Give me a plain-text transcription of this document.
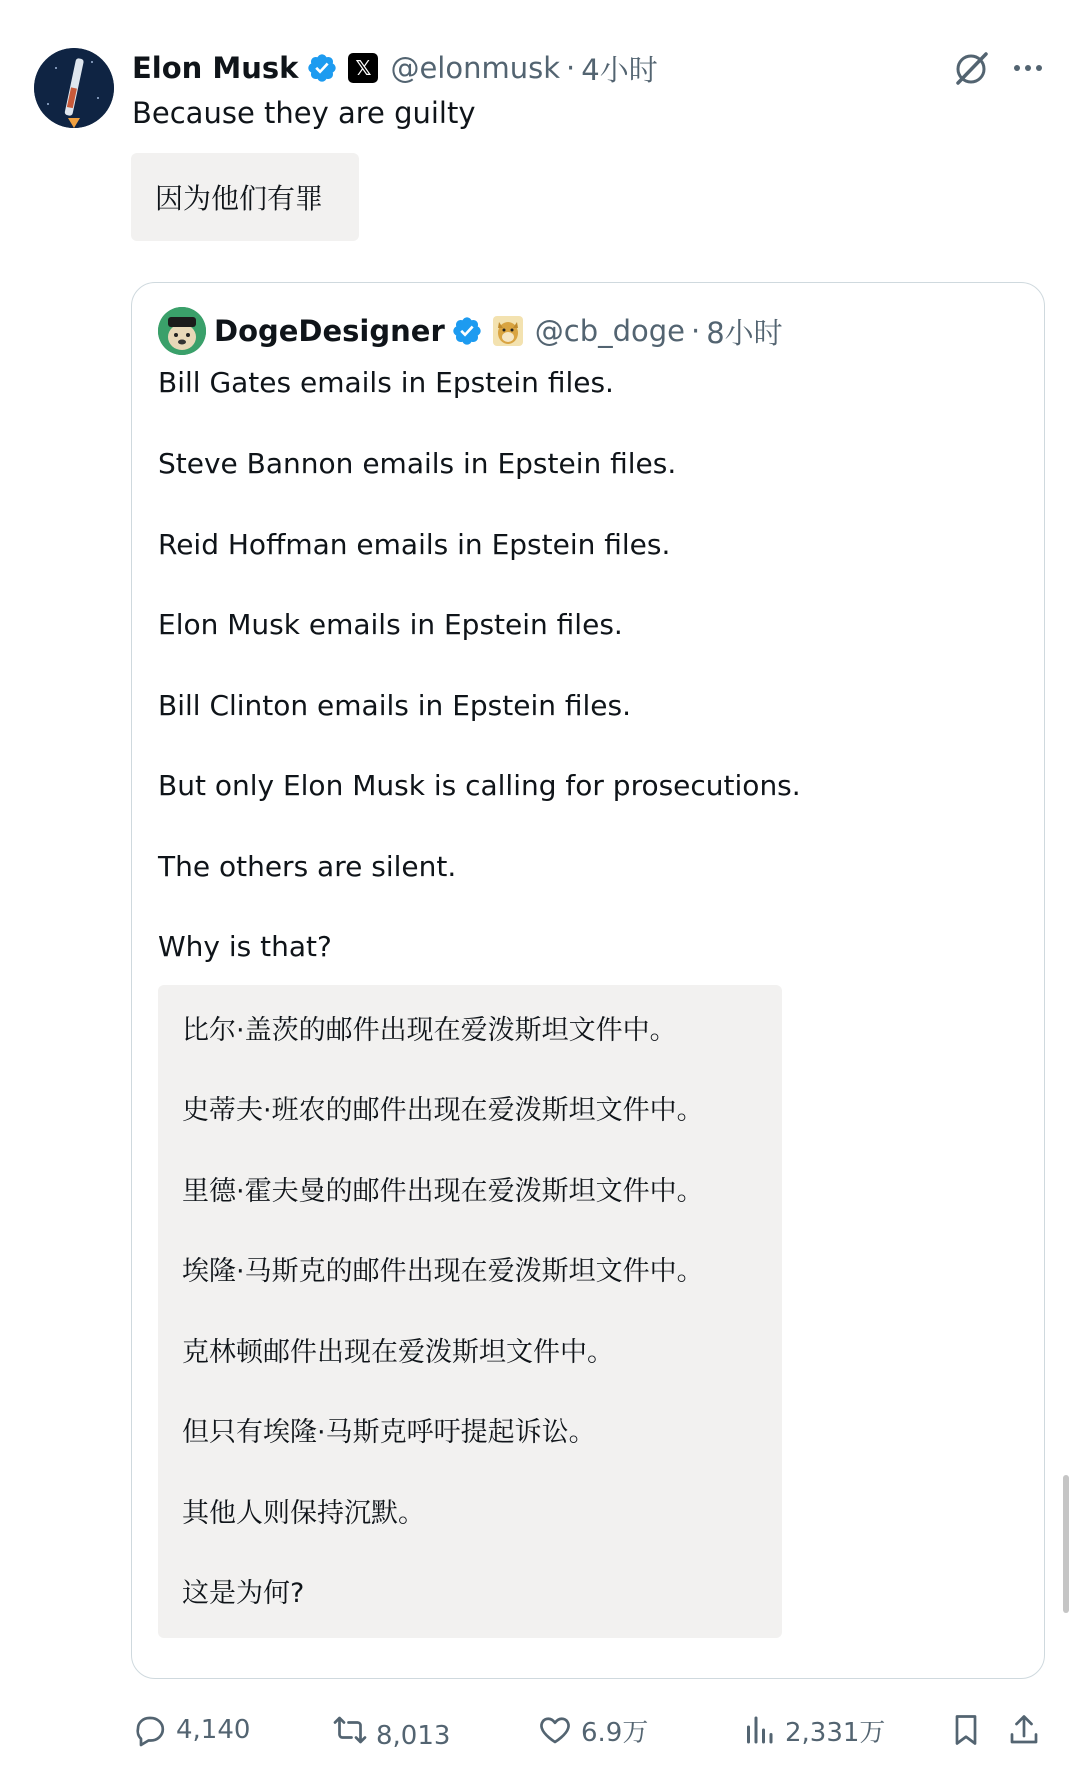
Elon Musk	𝕏 @elonmusk · 4小时
Because they are guilty
因为他们有罪
DogeDesigner	@cb_doge · 8小时
Bill Gates emails in Epstein files.
Steve Bannon emails in Epstein files.
Reid Hoffman emails in Epstein files.
Elon Musk emails in Epstein files.
Bill Clinton emails in Epstein files.
But only Elon Musk is calling for prosecutions.
The others are silent.
Why is that?
比尔·盖茨的邮件出现在爱泼斯坦文件中。
史蒂夫·班农的邮件出现在爱泼斯坦文件中。
里德·霍夫曼的邮件出现在爱泼斯坦文件中。
埃隆·马斯克的邮件出现在爱泼斯坦文件中。
克林顿邮件出现在爱泼斯坦文件中。
但只有埃隆·马斯克呼吁提起诉讼。
其他人则保持沉默。
这是为何?
4,140	8,013	6.9万	2,331万
